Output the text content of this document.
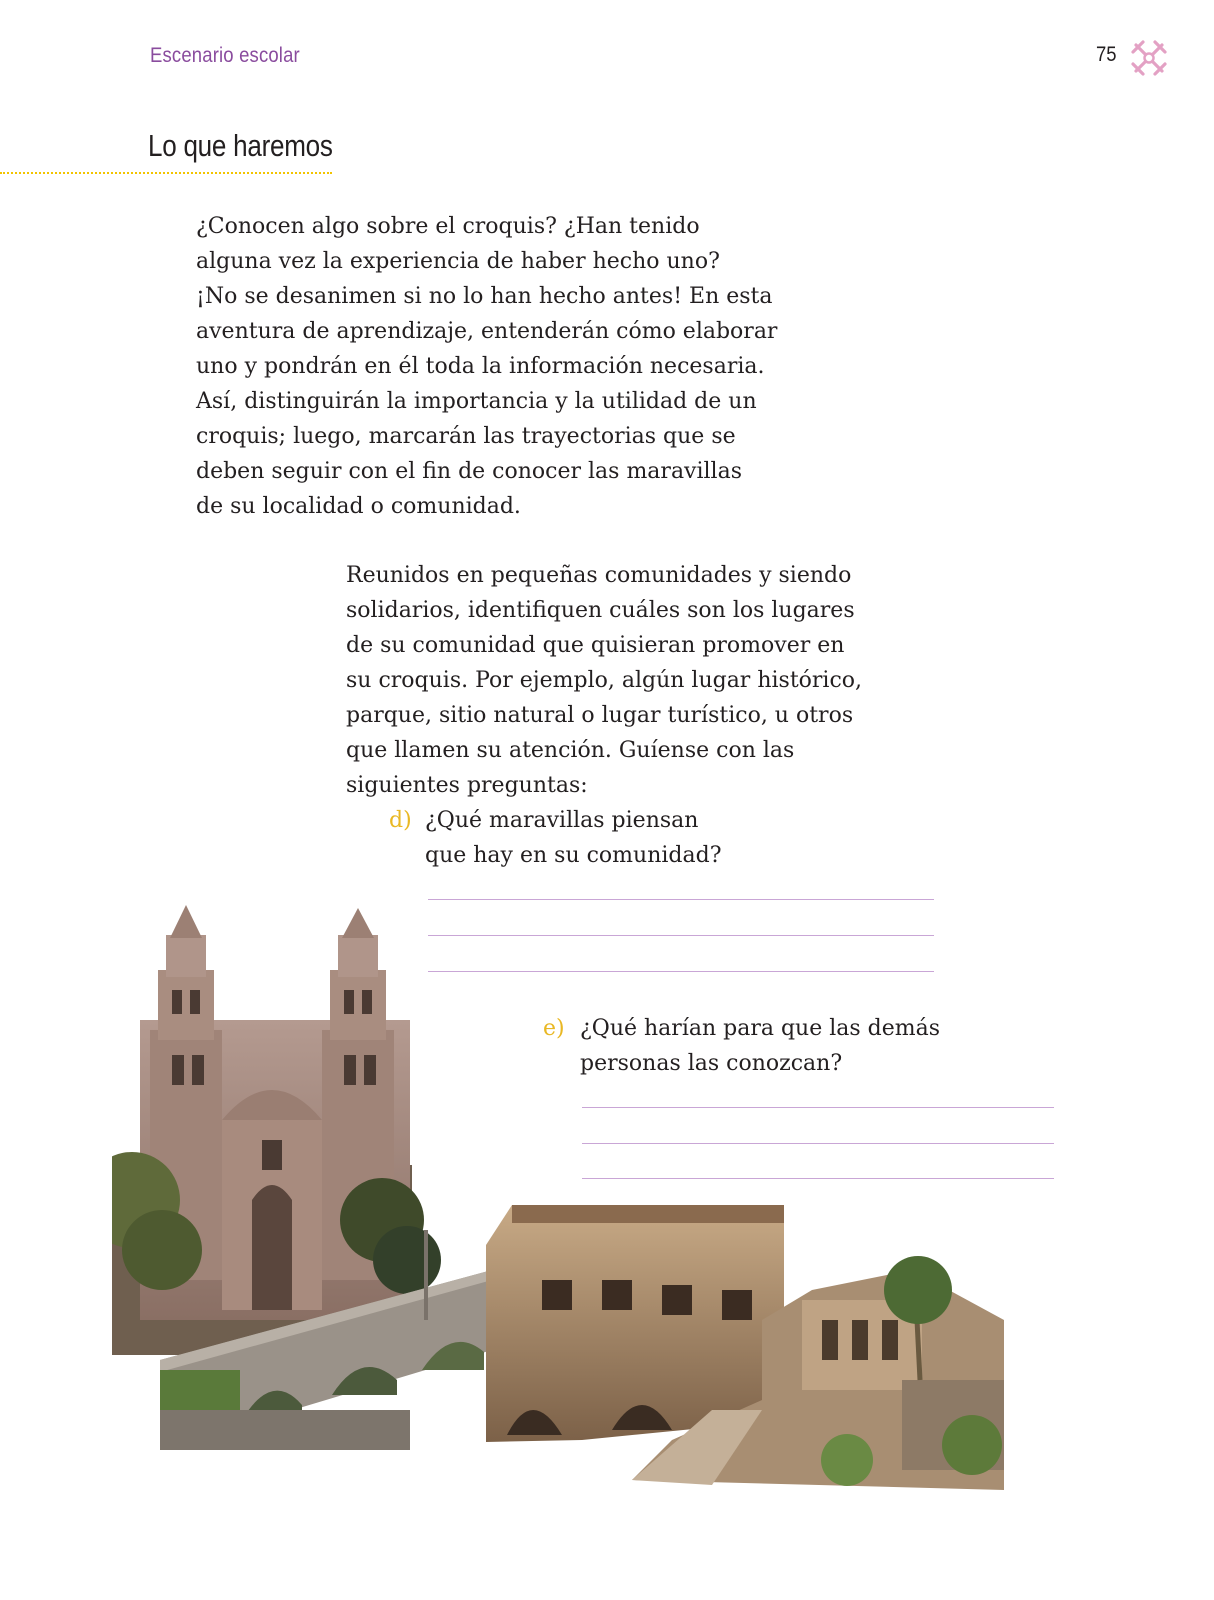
Escenario escolar	75
Lo que haremos

¿Conocen algo sobre el croquis? ¿Han tenido
alguna vez la experiencia de haber hecho uno?
¡No se desanimen si no lo han hecho antes! En esta
aventura de aprendizaje, entenderán cómo elaborar
uno y pondrán en él toda la información necesaria.
Así, distinguirán la importancia y la utilidad de un
croquis; luego, marcarán las trayectorias que se
deben seguir con el fin de conocer las maravillas
de su localidad o comunidad.

Reunidos en pequeñas comunidades y siendo
solidarios, identifiquen cuáles son los lugares
de su comunidad que quisieran promover en
su croquis. Por ejemplo, algún lugar histórico,
parque, sitio natural o lugar turístico, u otros
que llamen su atención. Guíense con las
siguientes preguntas:

d) ¿Qué maravillas piensan
que hay en su comunidad?
e) ¿Qué harían para que las demás
personas las conozcan?
